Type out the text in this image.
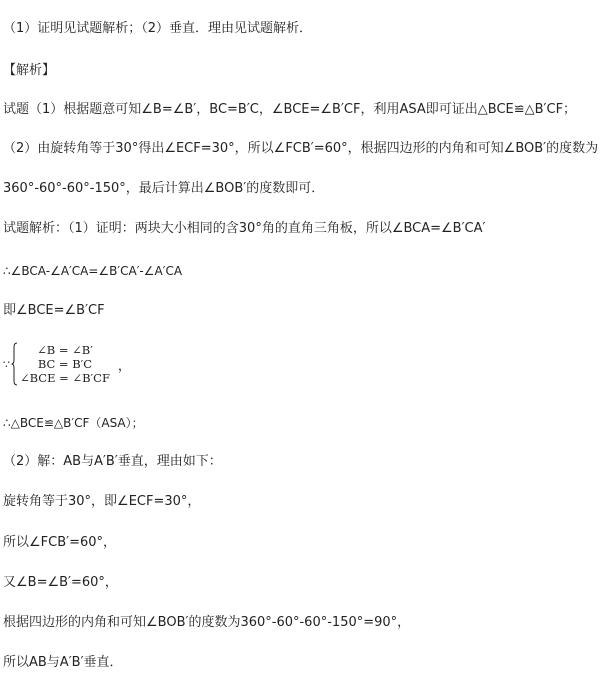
（1）证明见试题解析；（2）垂直．理由见试题解析．
【解析】
试题（1）根据题意可知∠B=∠B′，BC=B′C，∠BCE=∠B′CF，利用ASA即可证出△BCE≌△B′CF；
（2）由旋转角等于30°得出∠ECF=30°，所以∠FCB′=60°，根据四边形的内角和可知∠BOB′的度数为
360°-60°-60°-150°，最后计算出∠BOB′的度数即可．
试题解析：（1）证明：两块大小相同的含30°角的直角三角板，所以∠BCA=∠B′CA′
∴∠BCA-∠A′CA=∠B′CA′-∠A′CA
即∠BCE=∠B′CF
∵
∠B = ∠B′
BC = B′C
∠BCE = ∠B′CF
，
∴△BCE≌△B′CF（ASA）；
（2）解：AB与A′B′垂直，理由如下：
旋转角等于30°，即∠ECF=30°，
所以∠FCB′=60°，
又∠B=∠B′=60°，
根据四边形的内角和可知∠BOB′的度数为360°-60°-60°-150°=90°，
所以AB与A′B′垂直．
